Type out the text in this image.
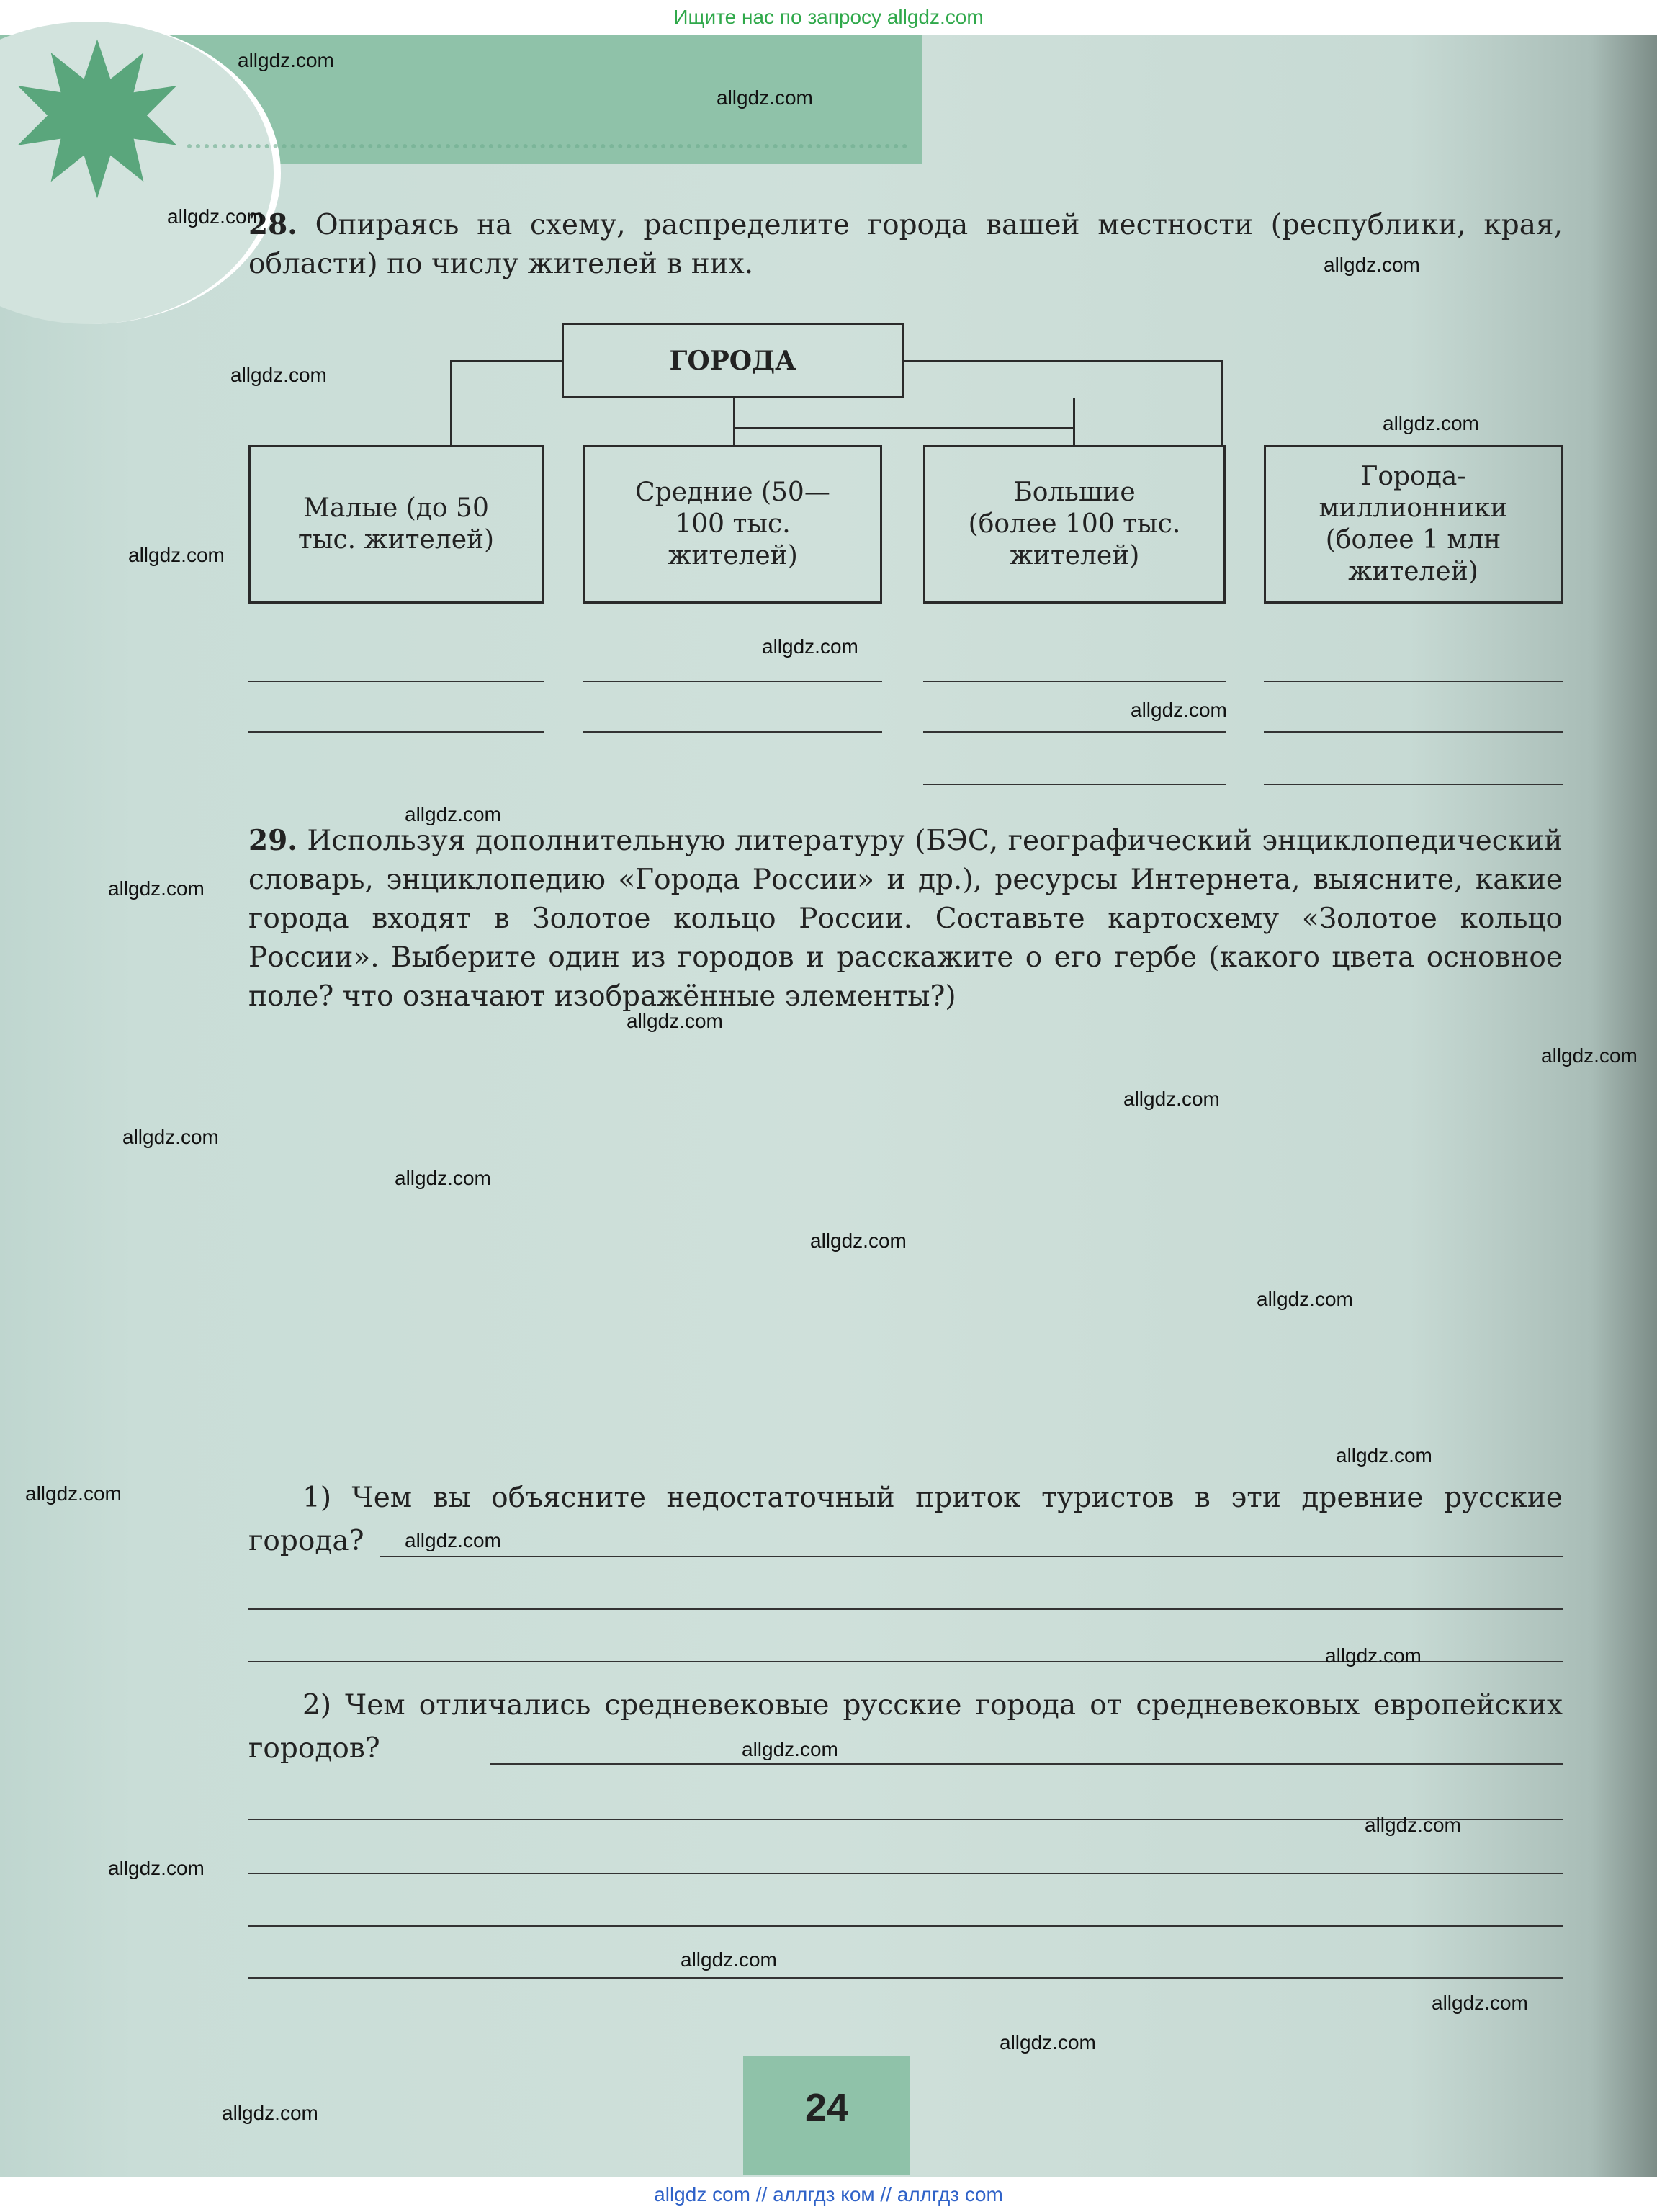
Ищите нас по запросу allgdz.com
28. Опираясь на схему, распределите города вашей местности (республики, края, области) по числу жителей в них.
ГОРОДА
Малые (до 50 тыс. жителей)
Средние (50—100 тыс. жителей)
Большие (более 100 тыс. жителей)
Города-миллионники (более 1 млн жителей)
29. Используя дополнительную литературу (БЭС, географический энциклопедический словарь, энциклопедию «Города России» и др.), ресурсы Интернета, выясните, какие города входят в Золотое кольцо России. Составьте картосхему «Золотое кольцо России». Выберите один из городов и расскажите о его гербе (какого цвета основное поле? что означают изображённые элементы?)
1) Чем вы объясните недостаточный приток туристов в эти древние русские города?
2) Чем отличались средневековые русские города от средневековых европейских городов?
24
allgdz.com
allgdz.com
allgdz.com
allgdz.com
allgdz.com
allgdz.com
allgdz.com
allgdz.com
allgdz.com
allgdz.com
allgdz.com
allgdz.com
allgdz.com
allgdz.com
allgdz.com
allgdz.com
allgdz.com
allgdz.com
allgdz.com
allgdz.com
allgdz.com
allgdz.com
allgdz.com
allgdz.com
allgdz.com
allgdz.com
allgdz.com
allgdz.com
allgdz.com
allgdz com // аллгдз ком // аллгдз com
